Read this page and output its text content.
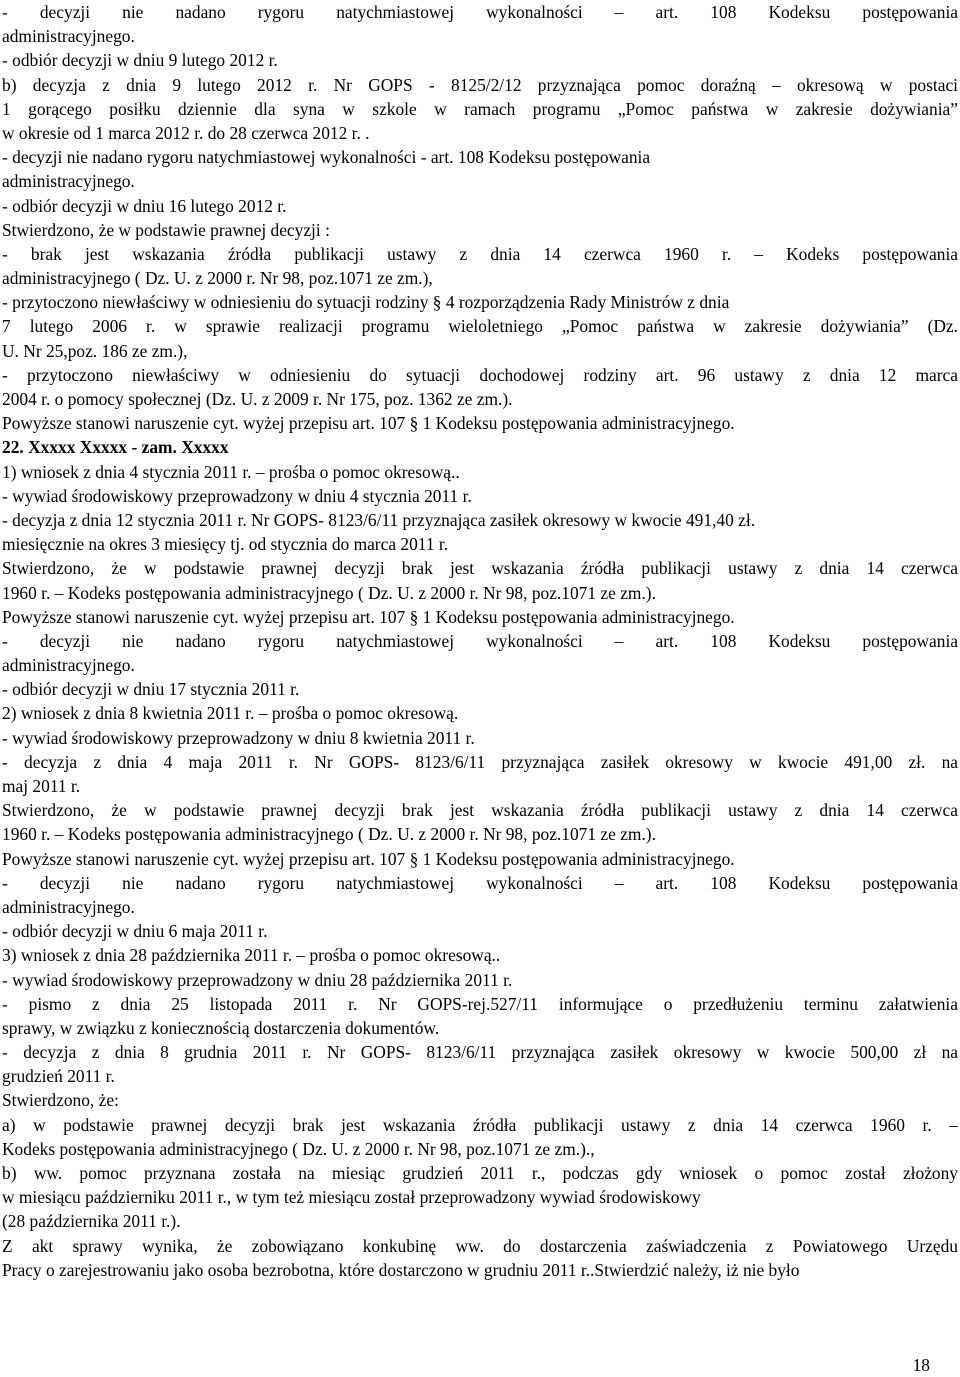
- decyzji nie nadano rygoru natychmiastowej wykonalności – art. 108 Kodeksu postępowania
administracyjnego.
- odbiór decyzji w dniu 9 lutego 2012 r.
b) decyzja z dnia 9 lutego 2012 r. Nr GOPS - 8125/2/12 przyznająca pomoc doraźną – okresową w postaci
1 gorącego posiłku dziennie dla syna w szkole w ramach programu „Pomoc państwa w zakresie dożywiania”
w okresie od 1 marca 2012 r. do 28 czerwca 2012 r. .
- decyzji nie nadano rygoru natychmiastowej wykonalności - art. 108 Kodeksu postępowania
administracyjnego.
- odbiór decyzji w dniu 16 lutego 2012 r.
Stwierdzono, że w podstawie prawnej decyzji :
- brak jest wskazania źródła publikacji ustawy z dnia 14 czerwca 1960 r. – Kodeks postępowania
administracyjnego ( Dz. U. z 2000 r. Nr 98, poz.1071 ze zm.),
- przytoczono niewłaściwy w odniesieniu do sytuacji rodziny § 4 rozporządzenia Rady Ministrów z dnia
7 lutego 2006 r. w sprawie realizacji programu wieloletniego „Pomoc państwa w zakresie dożywiania” (Dz.
U. Nr 25,poz. 186 ze zm.),
- przytoczono niewłaściwy w odniesieniu do sytuacji dochodowej rodziny art. 96 ustawy z dnia 12 marca
2004 r. o pomocy społecznej (Dz. U. z 2009 r. Nr 175, poz. 1362 ze zm.).
Powyższe stanowi naruszenie cyt. wyżej przepisu art. 107 § 1 Kodeksu postępowania administracyjnego.
22. Xxxxx Xxxxx - zam. Xxxxx
1) wniosek z dnia 4 stycznia 2011 r. – prośba o pomoc okresową..
- wywiad środowiskowy przeprowadzony w dniu 4 stycznia 2011 r.
- decyzja z dnia 12 stycznia 2011 r. Nr GOPS- 8123/6/11 przyznająca zasiłek okresowy w kwocie 491,40 zł.
miesięcznie na okres 3 miesięcy tj. od stycznia do marca 2011 r.
Stwierdzono, że w podstawie prawnej decyzji brak jest wskazania źródła publikacji ustawy z dnia 14 czerwca
1960 r. – Kodeks postępowania administracyjnego ( Dz. U. z 2000 r. Nr 98, poz.1071 ze zm.).
Powyższe stanowi naruszenie cyt. wyżej przepisu art. 107 § 1 Kodeksu postępowania administracyjnego.
- decyzji nie nadano rygoru natychmiastowej wykonalności – art. 108 Kodeksu postępowania
administracyjnego.
- odbiór decyzji w dniu 17 stycznia 2011 r.
2) wniosek z dnia 8 kwietnia 2011 r. – prośba o pomoc okresową.
- wywiad środowiskowy przeprowadzony w dniu 8 kwietnia 2011 r.
- decyzja z dnia 4 maja 2011 r. Nr GOPS- 8123/6/11 przyznająca zasiłek okresowy w kwocie 491,00 zł. na
maj 2011 r.
Stwierdzono, że w podstawie prawnej decyzji brak jest wskazania źródła publikacji ustawy z dnia 14 czerwca
1960 r. – Kodeks postępowania administracyjnego ( Dz. U. z 2000 r. Nr 98, poz.1071 ze zm.).
Powyższe stanowi naruszenie cyt. wyżej przepisu art. 107 § 1 Kodeksu postępowania administracyjnego.
- decyzji nie nadano rygoru natychmiastowej wykonalności – art. 108 Kodeksu postępowania
administracyjnego.
- odbiór decyzji w dniu 6 maja 2011 r.
3) wniosek z dnia 28 października 2011 r. – prośba o pomoc okresową..
- wywiad środowiskowy przeprowadzony w dniu 28 października 2011 r.
- pismo z dnia 25 listopada 2011 r. Nr GOPS-rej.527/11 informujące o przedłużeniu terminu załatwienia
sprawy, w związku z koniecznością dostarczenia dokumentów.
- decyzja z dnia 8 grudnia 2011 r. Nr GOPS- 8123/6/11 przyznająca zasiłek okresowy w kwocie 500,00 zł na
grudzień 2011 r.
Stwierdzono, że:
a) w podstawie prawnej decyzji brak jest wskazania źródła publikacji ustawy z dnia 14 czerwca 1960 r. –
Kodeks postępowania administracyjnego ( Dz. U. z 2000 r. Nr 98, poz.1071 ze zm.).,
b) ww. pomoc przyznana została na miesiąc grudzień 2011 r., podczas gdy wniosek o pomoc został złożony
w miesiącu październiku 2011 r., w tym też miesiącu został przeprowadzony wywiad środowiskowy
(28 października 2011 r.).
Z akt sprawy wynika, że zobowiązano konkubinę ww. do dostarczenia zaświadczenia z Powiatowego Urzędu
Pracy o zarejestrowaniu jako osoba bezrobotna, które dostarczono w grudniu 2011 r..Stwierdzić należy, iż nie było
18
